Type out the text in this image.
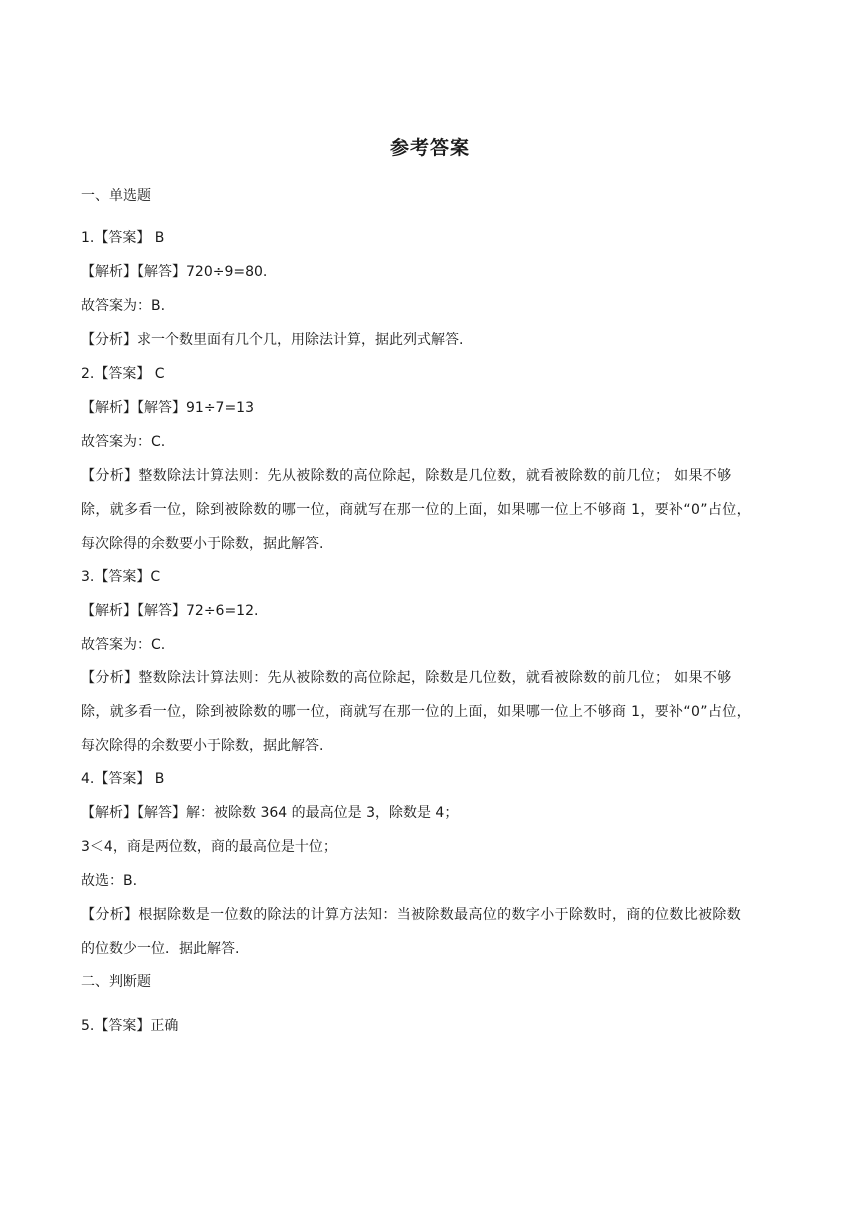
参考答案
一、单选题
1.【答案】 B
【解析】【解答】720÷9=80.
故答案为：B.
【分析】求一个数里面有几个几，用除法计算，据此列式解答.
2.【答案】 C
【解析】【解答】91÷7=13
故答案为：C.
【分析】整数除法计算法则：先从被除数的高位除起，除数是几位数，就看被除数的前几位； 如果不够
除，就多看一位，除到被除数的哪一位，商就写在那一位的上面，如果哪一位上不够商 1，要补“0”占位，
每次除得的余数要小于除数，据此解答.
3.【答案】C
【解析】【解答】72÷6=12.
故答案为：C.
【分析】整数除法计算法则：先从被除数的高位除起，除数是几位数，就看被除数的前几位； 如果不够
除，就多看一位，除到被除数的哪一位，商就写在那一位的上面，如果哪一位上不够商 1，要补“0”占位，
每次除得的余数要小于除数，据此解答.
4.【答案】 B
【解析】【解答】解：被除数 364 的最高位是 3，除数是 4；
3＜4，商是两位数，商的最高位是十位；
故选：B.
【分析】根据除数是一位数的除法的计算方法知：当被除数最高位的数字小于除数时，商的位数比被除数
的位数少一位．据此解答.
二、判断题
5.【答案】正确
